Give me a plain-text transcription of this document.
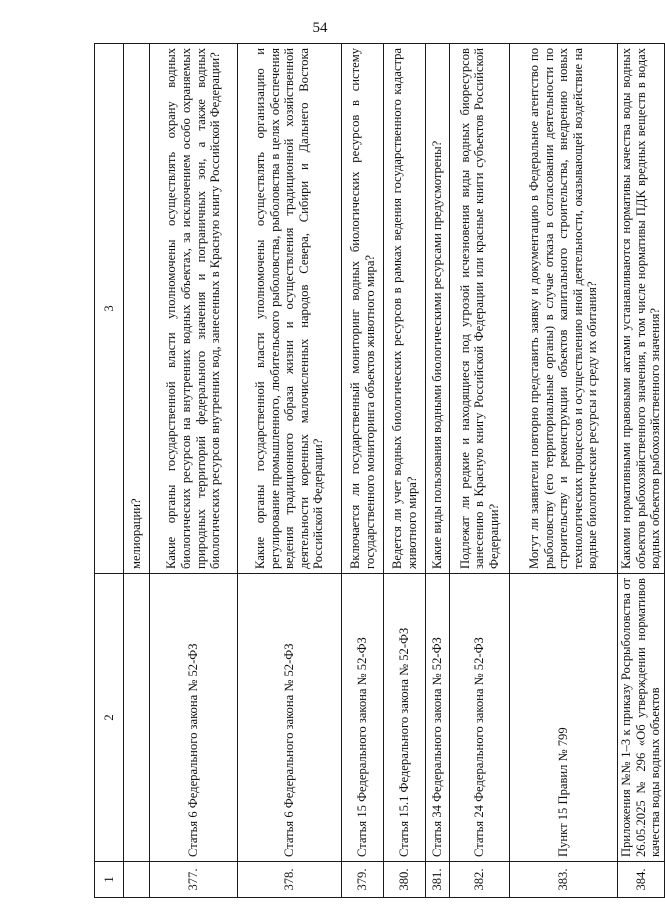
54
1	2	3
		мелиорации?
377.	Статья 6 Федерального закона № 52-ФЗ	Какие органы государственной власти уполномочены осуществлять охрану водных биологических ресурсов на внутренних водных объектах, за исключением особо охраняемых природных территорий федерального значения и пограничных зон, а также водных биологических ресурсов внутренних вод, занесенных в Красную книгу Российской Федерации?
378.	Статья 6 Федерального закона № 52-ФЗ	Какие органы государственной власти уполномочены осуществлять организацию и регулирование промышленного, любительского рыболовства, рыболовства в целях обеспечения ведения традиционного образа жизни и осуществления традиционной хозяйственной деятельности коренных малочисленных народов Севера, Сибири и Дальнего Востока Российской Федерации?
379.	Статья 15 Федерального закона № 52-ФЗ	Включается ли государственный мониторинг водных биологических ресурсов в систему государственного мониторинга объектов животного мира?
380.	Статья 15.1 Федерального закона № 52-ФЗ	Ведется ли учет водных биологических ресурсов в рамках ведения государственного кадастра животного мира?
381.	Статья 34 Федерального закона № 52-ФЗ	Какие виды пользования водными биологическими ресурсами предусмотрены?
382.	Статья 24 Федерального закона № 52-ФЗ	Подлежат ли редкие и находящиеся под угрозой исчезновения виды водных биоресурсов занесению в Красную книгу Российской Федерации или красные книги субъектов Российской Федерации?
383.	Пункт 15 Правил № 799	Могут ли заявители повторно представить заявку и документацию в Федеральное агентство по рыболовству (его территориальные органы) в случае отказа в согласовании деятельности по строительству и реконструкции объектов капитального строительства, внедрению новых технологических процессов и осуществлению иной деятельности, оказывающей воздействие на водные биологические ресурсы и среду их обитания?
384.	Приложения №№ 1–3 к приказу Росрыболовства от 26.05.2025 № 296 «Об утверждении нормативов качества воды водных объектов	Какими нормативными правовыми актами устанавливаются нормативы качества воды водных объектов рыбохозяйственного значения, в том числе нормативы ПДК вредных веществ в водах водных объектов рыбохозяйственного значения?
